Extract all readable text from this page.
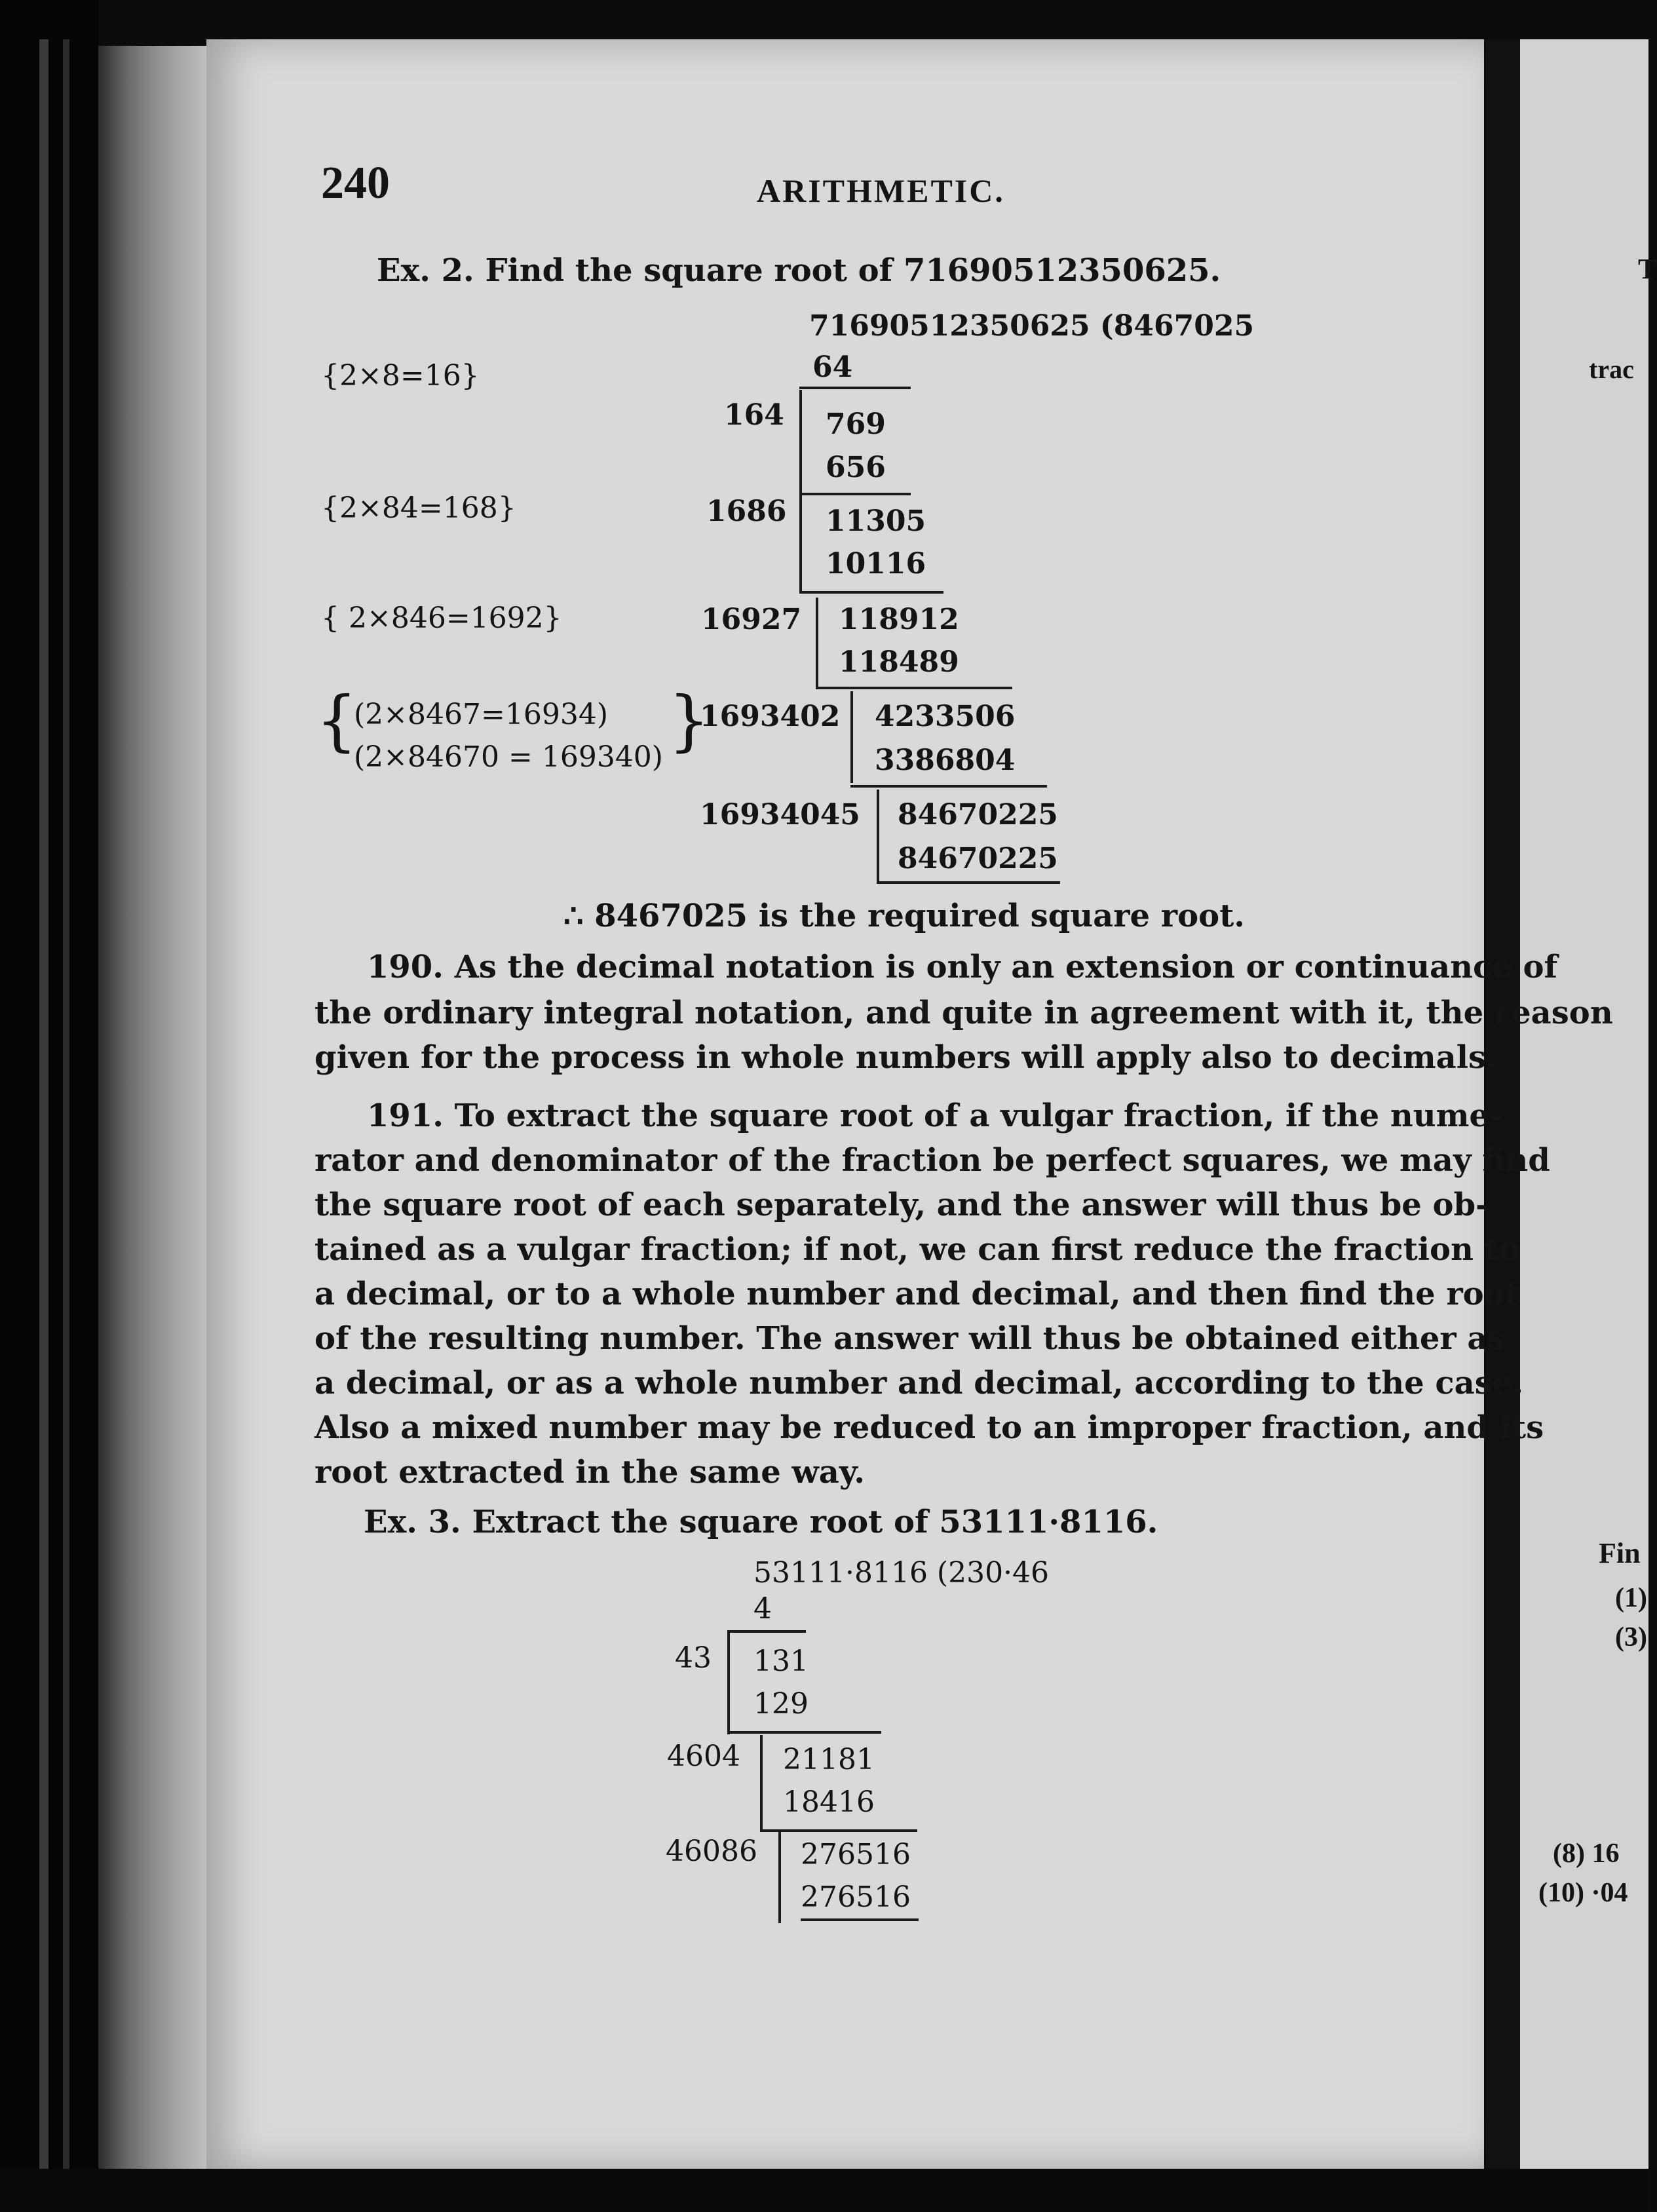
240	ARITHMETIC.
Ex. 2. Find the square root of 71690512350625.
71690512350625 (8467025
64
{2×8=16}
{2×84=168}
{ 2×846=1692}
{
(2×8467=16934)
(2×84670 = 169340) }
164 769
656
1686 11305
10116
16927 118912
118489
1693402 4233506
3386804
16934045 84670225
84670225
∴ 8467025 is the required square root.
190. As the decimal notation is only an extension or continuance of
the ordinary integral notation, and quite in agreement with it, the reason
given for the process in whole numbers will apply also to decimals.
191. To extract the square root of a vulgar fraction, if the nume-
rator and denominator of the fraction be perfect squares, we may find
the square root of each separately, and the answer will thus be ob-
tained as a vulgar fraction; if not, we can first reduce the fraction to
a decimal, or to a whole number and decimal, and then find the root
of the resulting number. The answer will thus be obtained either as
a decimal, or as a whole number and decimal, according to the case.
Also a mixed number may be reduced to an improper fraction, and its
root extracted in the same way.
Ex. 3. Extract the square root of 53111·8116.
53111·8116 (230·46
4
43 131
129
4604 21181
18416
46086 276516
276516
T
trac
Fin
(1)
(3)
(8) 16
(10) ·04
